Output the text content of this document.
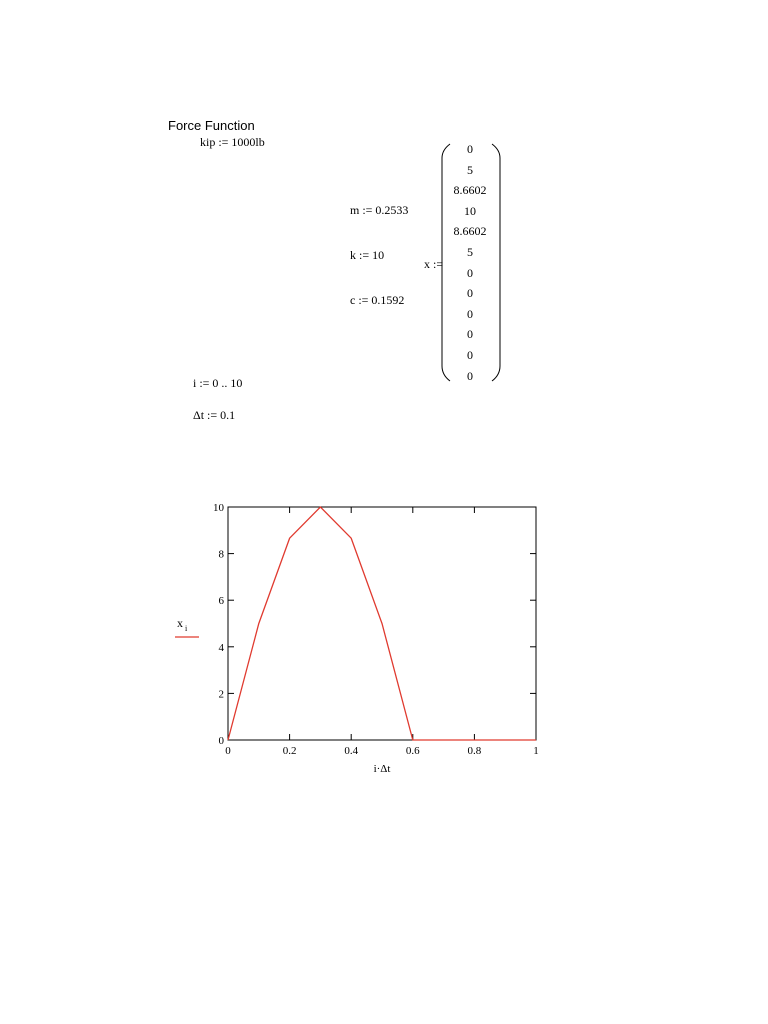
Force Function
kip := 1000lb
m := 0.2533
k := 10
c := 0.1592
i := 0 .. 10
Δt := 0.1
x :=
0
5
8.6602
10
8.6602
5
0
0
0
0
0
0
0
2
4
6
8
10
0	0.2	0.4	0.6	0.8	1
i·Δt
x i
